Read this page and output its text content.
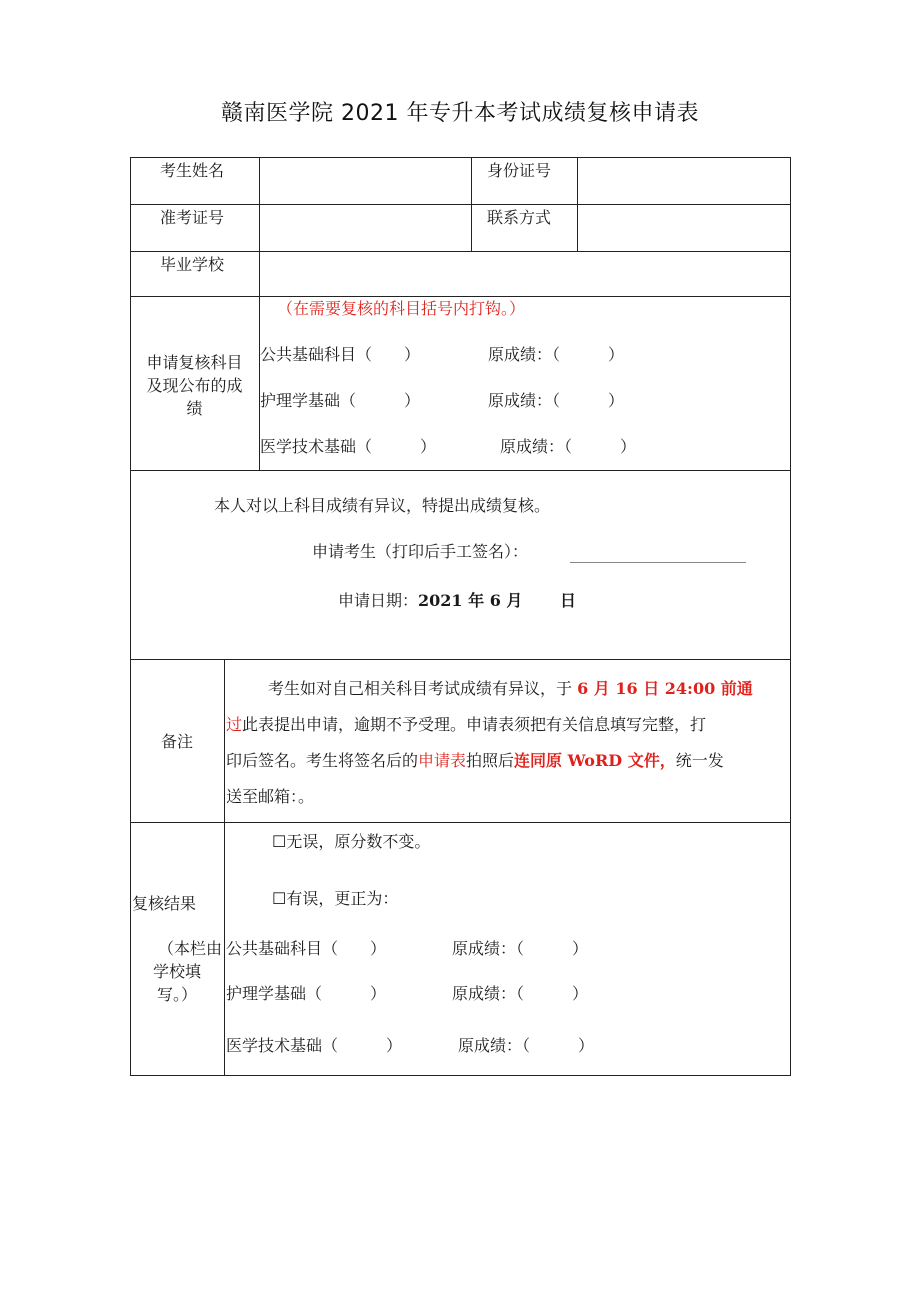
赣南医学院 2021 年专升本考试成绩复核申请表
考生姓名	身份证号
准考证号	联系方式
毕业学校
申请复核科目
及现公布的成
绩
（在需要复核的科目括号内打钩。）
公共基础科目（　　）	原成绩：（　　　）
护理学基础（　　　）	原成绩：（　　　）
医学技术基础（　　　）	原成绩：（　　　）
本人对以上科目成绩有异议，特提出成绩复核。
申请考生（打印后手工签名）：
申请日期：2021 年 6 月　　 日
备注
考生如对自己相关科目考试成绩有异议，于 6 月 16 日 24:00 前通
过此表提出申请，逾期不予受理。申请表须把有关信息填写完整，打
印后签名。考生将签名后的申请表拍照后连同原 WoRD 文件，统一发
送至邮箱：。
复核结果
（本栏由
学校填
写。）
☐无误，原分数不变。
☐有误，更正为：
公共基础科目（　　）	原成绩：（　　　）
护理学基础（　　　）	原成绩：（　　　）
医学技术基础（　　　）	原成绩：（　　　）
